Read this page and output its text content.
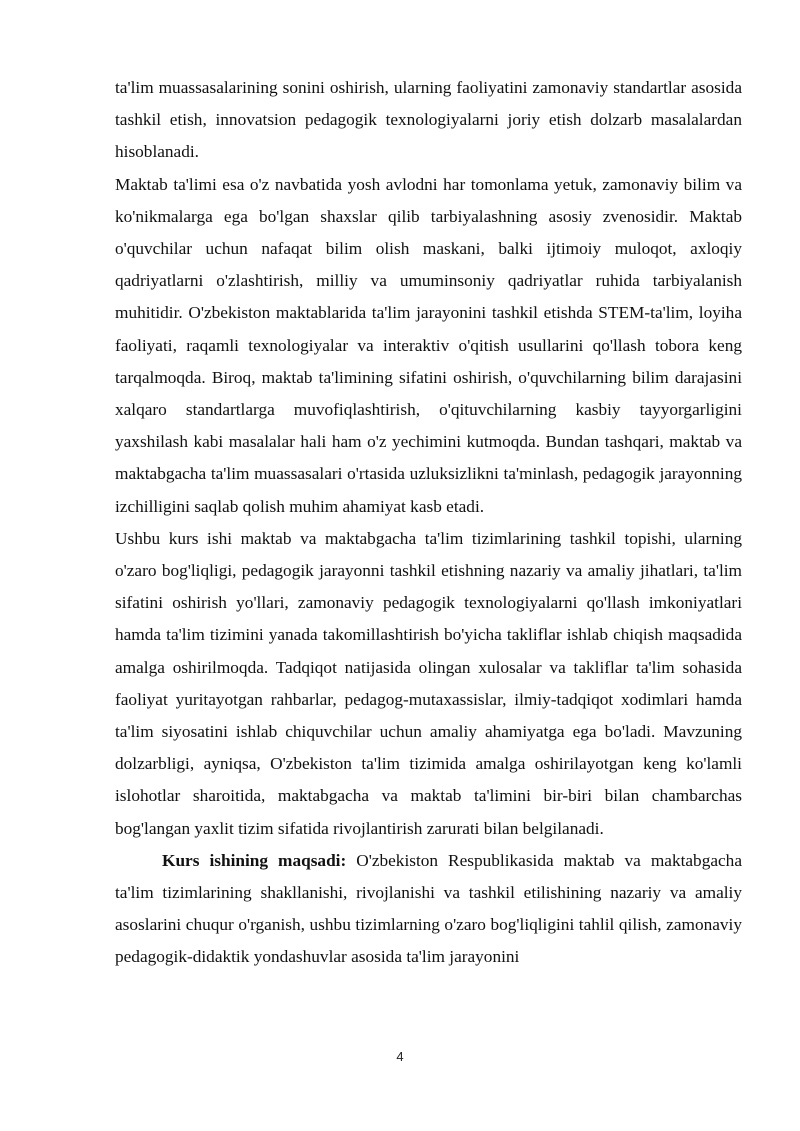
ta'lim muassasalarining sonini oshirish, ularning faoliyatini zamonaviy standartlar asosida tashkil etish, innovatsion pedagogik texnologiyalarni joriy etish dolzarb masalalardan hisoblanadi.

Maktab ta'limi esa o'z navbatida yosh avlodni har tomonlama yetuk, zamonaviy bilim va ko'nikmalarga ega bo'lgan shaxslar qilib tarbiyalashning asosiy zvenosidir. Maktab o'quvchilar uchun nafaqat bilim olish maskani, balki ijtimoiy muloqot, axloqiy qadriyatlarni o'zlashtirish, milliy va umuminsoniy qadriyatlar ruhida tarbiyalanish muhitidir. O'zbekiston maktablarida ta'lim jarayonini tashkil etishda STEM-ta'lim, loyiha faoliyati, raqamli texnologiyalar va interaktiv o'qitish usullarini qo'llash tobora keng tarqalmoqda. Biroq, maktab ta'limining sifatini oshirish, o'quvchilarning bilim darajasini xalqaro standartlarga muvofiqlashtirish, o'qituvchilarning kasbiy tayyorgarligini yaxshilash kabi masalalar hali ham o'z yechimini kutmoqda. Bundan tashqari, maktab va maktabgacha ta'lim muassasalari o'rtasida uzluksizlikni ta'minlash, pedagogik jarayonning izchilligini saqlab qolish muhim ahamiyat kasb etadi.

Ushbu kurs ishi maktab va maktabgacha ta'lim tizimlarining tashkil topishi, ularning o'zaro bog'liqligi, pedagogik jarayonni tashkil etishning nazariy va amaliy jihatlari, ta'lim sifatini oshirish yo'llari, zamonaviy pedagogik texnologiyalarni qo'llash imkoniyatlari hamda ta'lim tizimini yanada takomillashtirish bo'yicha takliflar ishlab chiqish maqsadida amalga oshirilmoqda. Tadqiqot natijasida olingan xulosalar va takliflar ta'lim sohasida faoliyat yuritayotgan rahbarlar, pedagog-mutaxassislar, ilmiy-tadqiqot xodimlari hamda ta'lim siyosatini ishlab chiquvchilar uchun amaliy ahamiyatga ega bo'ladi. Mavzuning dolzarbligi, ayniqsa, O'zbekiston ta'lim tizimida amalga oshirilayotgan keng ko'lamli islohotlar sharoitida, maktabgacha va maktab ta'limini bir-biri bilan chambarchas bog'langan yaxlit tizim sifatida rivojlantirish zarurati bilan belgilanadi.

Kurs ishining maqsadi: O'zbekiston Respublikasida maktab va maktabgacha ta'lim tizimlarining shakllanishi, rivojlanishi va tashkil etilishining nazariy va amaliy asoslarini chuqur o'rganish, ushbu tizimlarning o'zaro bog'liqligini tahlil qilish, zamonaviy pedagogik-didaktik yondashuvlar asosida ta'lim jarayonini

4
